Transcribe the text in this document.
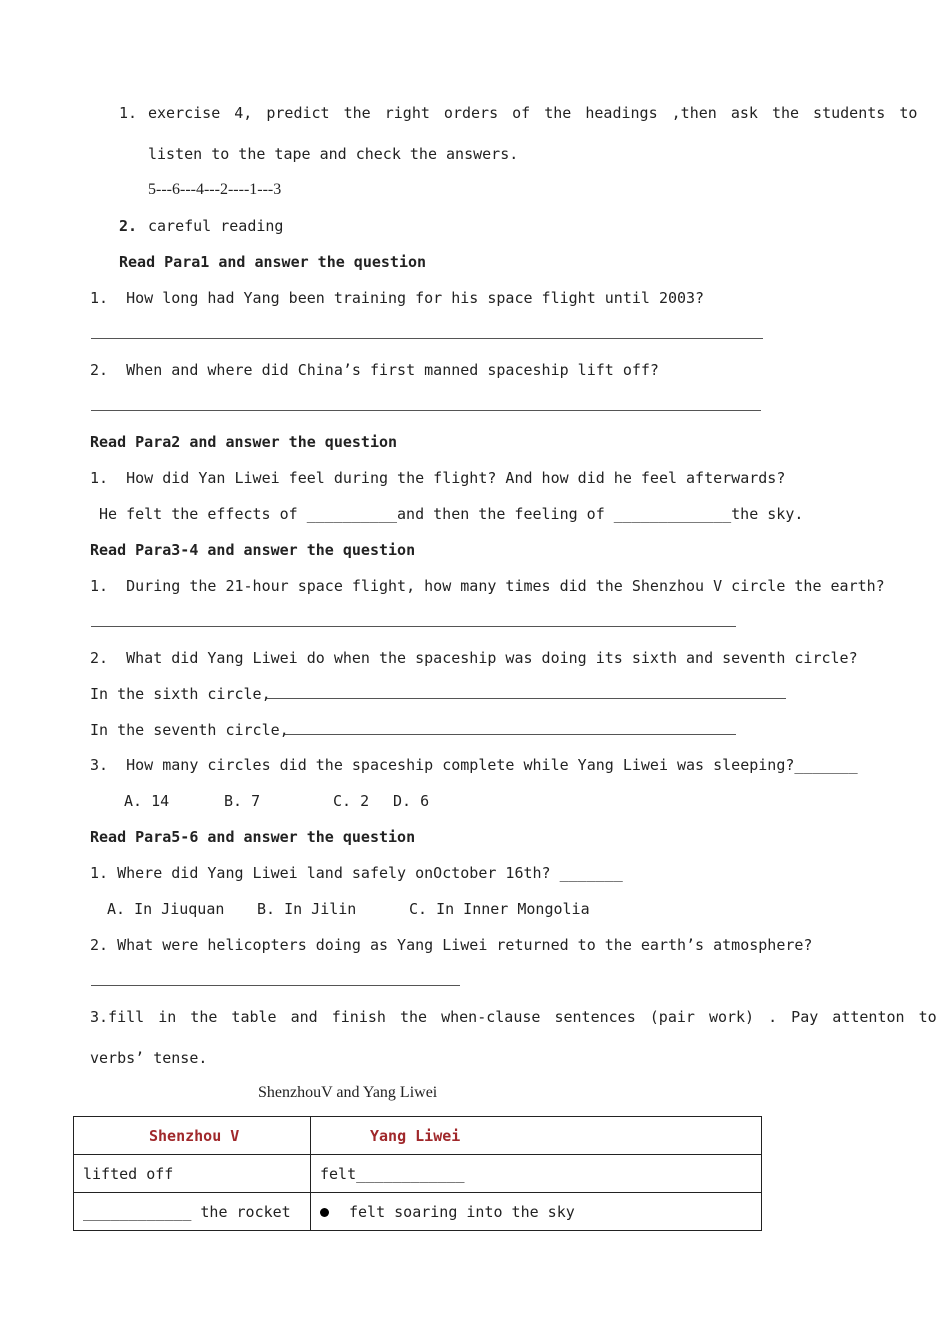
1. exercise 4, predict the right orders of the headings ,then ask the students to
listen to the tape and check the answers.
5---6---4---2----1---3
2. careful reading
Read Para1 and answer the question
1.  How long had Yang been training for his space flight until 2003?
2.  When and where did China’s first manned spaceship lift off?
Read Para2 and answer the question
1.  How did Yan Liwei feel during the flight? And how did he feel afterwards?
He felt the effects of __________and then the feeling of _____________the sky.
Read Para3-4 and answer the question
1.  During the 21-hour space flight, how many times did the Shenzhou V circle the earth?
2.  What did Yang Liwei do when the spaceship was doing its sixth and seventh circle?
In the sixth circle,
In the seventh circle,
3.  How many circles did the spaceship complete while Yang Liwei was sleeping?_______
A. 14	B. 7	C. 2 D. 6
Read Para5-6 and answer the question
1. Where did Yang Liwei land safely onOctober 16th? _______
A. In Jiuquan B. In Jilin	C. In Inner Mongolia
2. What were helicopters doing as Yang Liwei returned to the earth’s atmosphere?
3.fill in the table and finish the when-clause sentences (pair work) . Pay attenton to
verbs’ tense.
ShenzhouV and Yang Liwei
Shenzhou V	Yang Liwei
lifted off	felt____________
____________ the rocket	felt soaring into the sky
